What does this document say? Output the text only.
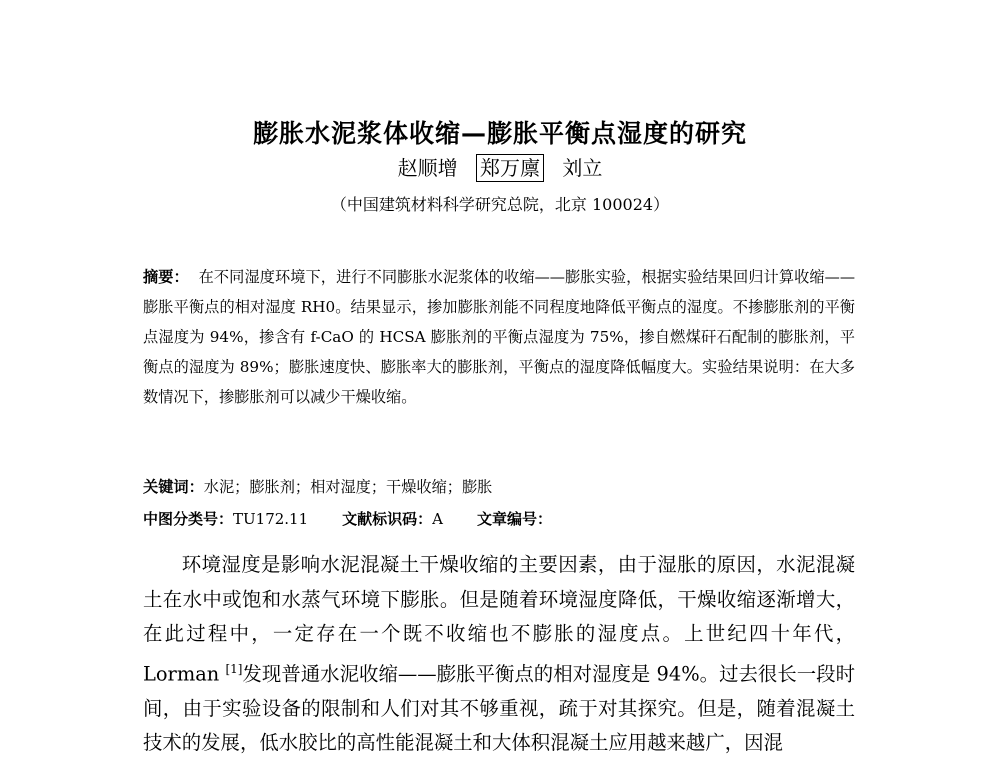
膨胀水泥浆体收缩—膨胀平衡点湿度的研究
赵顺增 郑万廪 刘立
（中国建筑材料科学研究总院，北京 100024）
摘要： 在不同湿度环境下，进行不同膨胀水泥浆体的收缩——膨胀实验，根据实验结果回归计算收缩——膨胀平衡点的相对湿度 RH0。结果显示，掺加膨胀剂能不同程度地降低平衡点的湿度。不掺膨胀剂的平衡点湿度为 94%，掺含有 f-CaO 的 HCSA 膨胀剂的平衡点湿度为 75%，掺自燃煤矸石配制的膨胀剂，平衡点的湿度为 89%；膨胀速度快、膨胀率大的膨胀剂，平衡点的湿度降低幅度大。实验结果说明：在大多数情况下，掺膨胀剂可以减少干燥收缩。
关键词：水泥；膨胀剂；相对湿度；干燥收缩；膨胀
中图分类号：TU172.11 文献标识码：A 文章编号：
环境湿度是影响水泥混凝土干燥收缩的主要因素，由于湿胀的原因，水泥混凝土在水中或饱和水蒸气环境下膨胀。但是随着环境湿度降低，干燥收缩逐渐增大，在此过程中，一定存在一个既不收缩也不膨胀的湿度点。上世纪四十年代，Lorman [1]发现普通水泥收缩——膨胀平衡点的相对湿度是 94%。过去很长一段时间，由于实验设备的限制和人们对其不够重视，疏于对其探究。但是，随着混凝土技术的发展，低水胶比的高性能混凝土和大体积混凝土应用越来越广，因混
